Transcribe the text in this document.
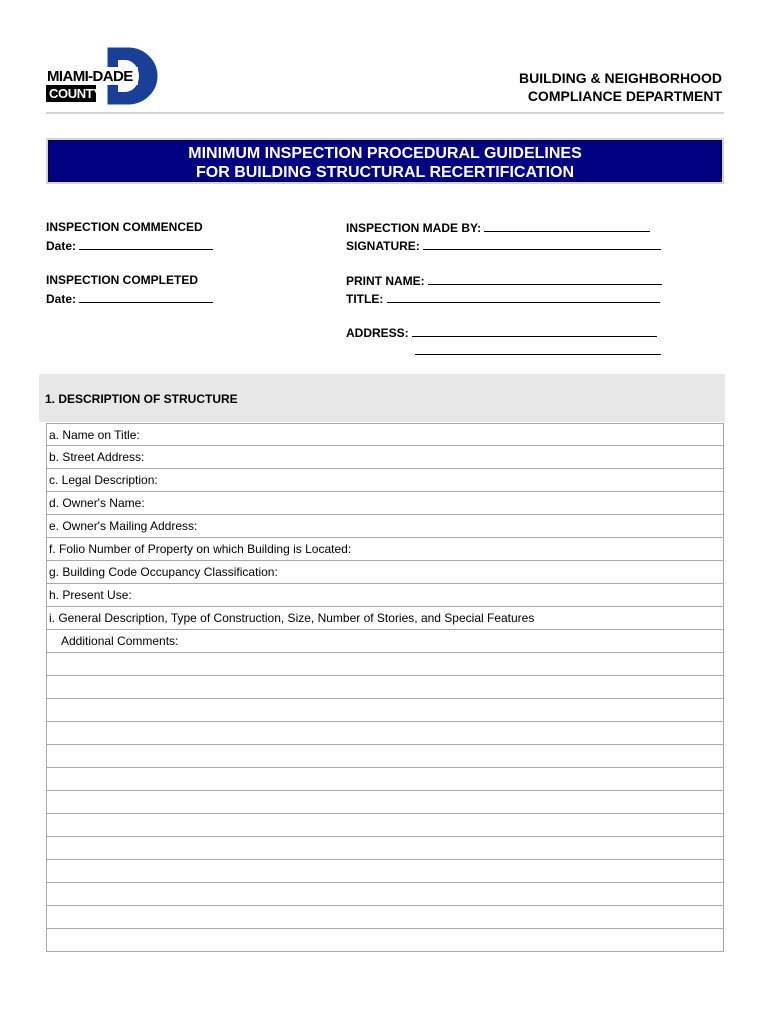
MIAMI-DADE
COUNTY
BUILDING & NEIGHBORHOOD
COMPLIANCE DEPARTMENT
MINIMUM INSPECTION PROCEDURAL GUIDELINES
FOR BUILDING STRUCTURAL RECERTIFICATION
INSPECTION COMMENCED
Date:
INSPECTION COMPLETED
Date:
INSPECTION MADE BY:
SIGNATURE:
PRINT NAME:
TITLE:
ADDRESS:
1. DESCRIPTION OF STRUCTURE
a. Name on Title:
b. Street Address:
c. Legal Description:
d. Owner's Name:
e. Owner's Mailing Address:
f. Folio Number of Property on which Building is Located:
g. Building Code Occupancy Classification:
h. Present Use:
i. General Description, Type of Construction, Size, Number of Stories, and Special Features
Additional Comments:
